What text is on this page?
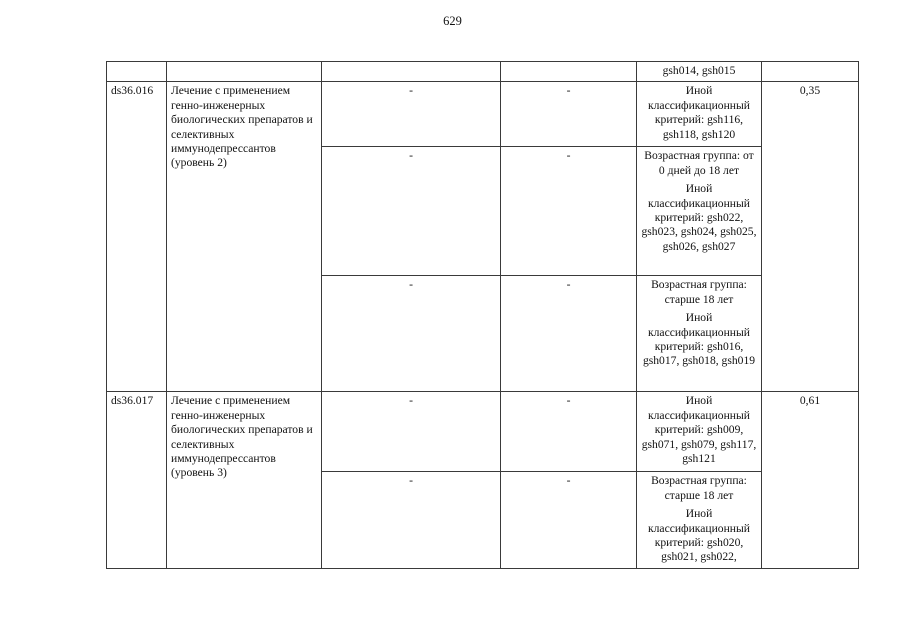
629

				gsh014, gsh015	

ds36.016	Лечение с применением генно-инженерных биологических препаратов и селективных иммунодепрессантов (уровень 2)	-	-	Иной классификационный критерий: gsh116, gsh118, gsh120	0,35
		-	-	Возрастная группа: от 0 дней до 18 лет

Иной классификационный критерий: gsh022, gsh023, gsh024, gsh025, gsh026, gsh027	

		-	-	Возрастная группа: старше 18 лет

Иной классификационный критерий: gsh016, gsh017, gsh018, gsh019	

ds36.017	Лечение с применением генно-инженерных биологических препаратов и селективных иммунодепрессантов (уровень 3)	-	-	Иной классификационный критерий: gsh009, gsh071, gsh079, gsh117, gsh121	0,61
		-	-	Возрастная группа: старше 18 лет

Иной классификационный критерий: gsh020, gsh021, gsh022,	
